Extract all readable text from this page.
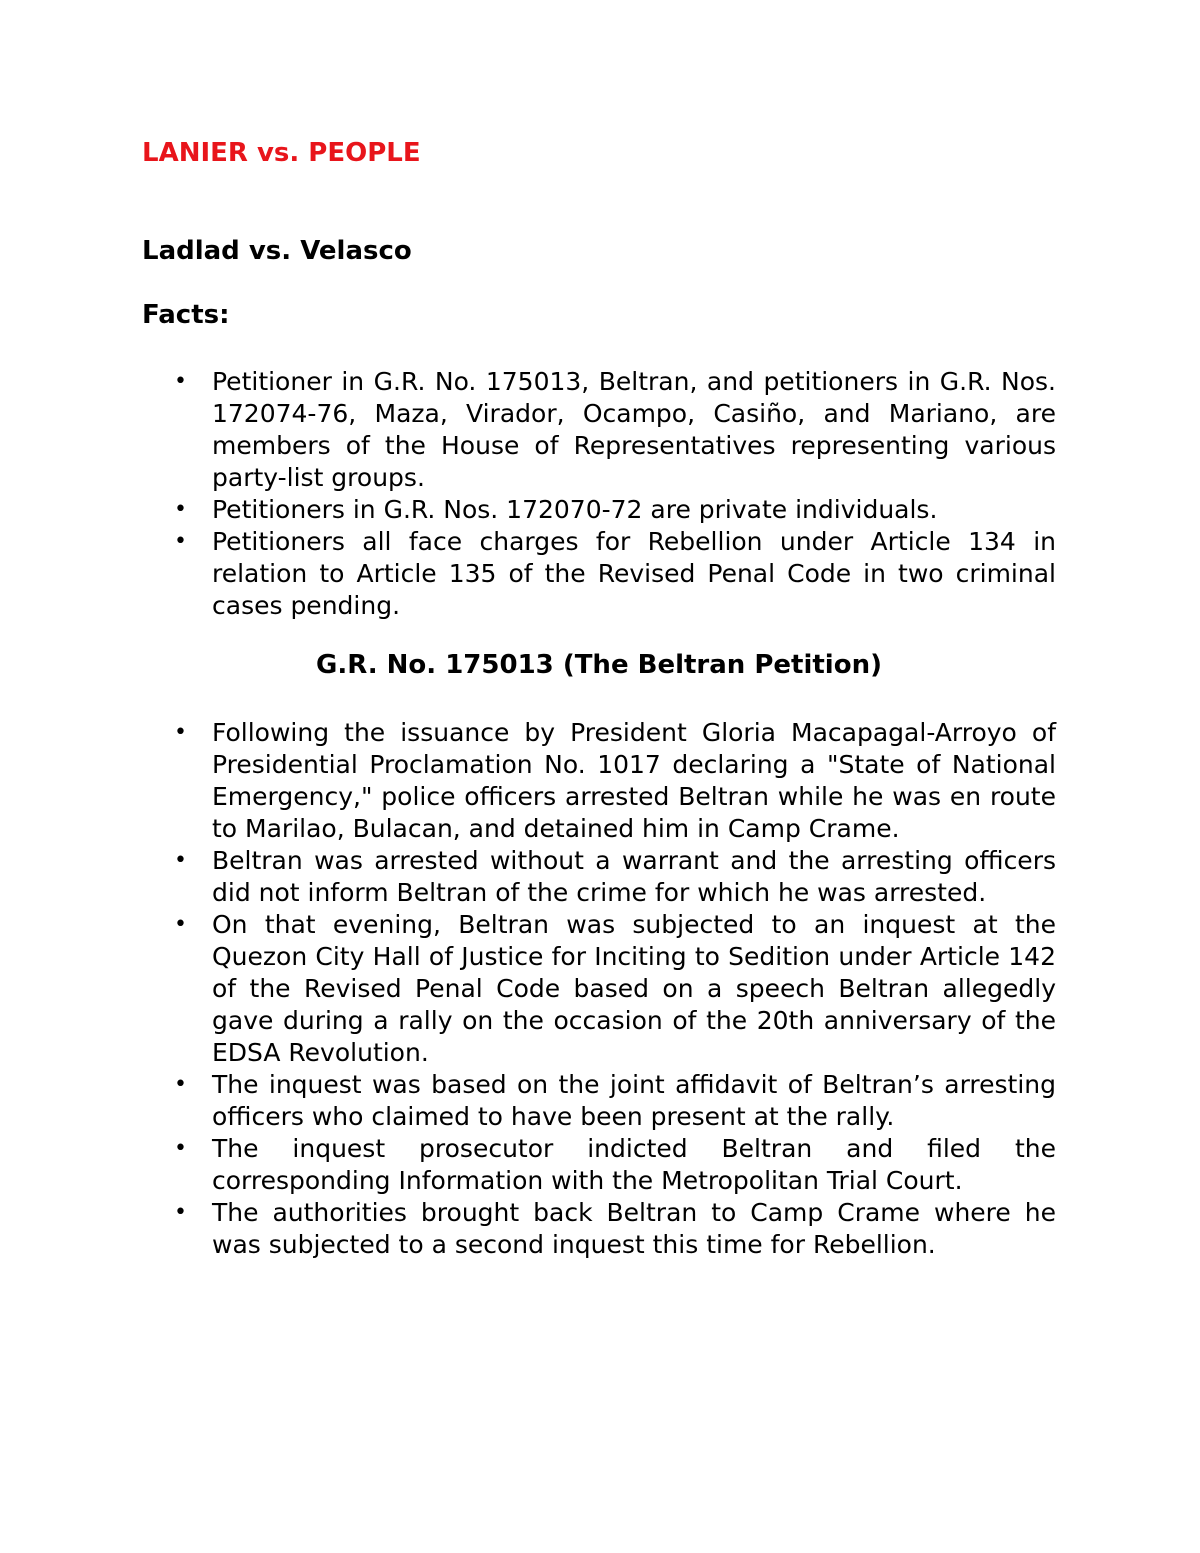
LANIER vs. PEOPLE
Ladlad vs. Velasco
Facts:
• Petitioner in G.R. No. 175013, Beltran, and petitioners in G.R. Nos. 172074-76, Maza, Virador, Ocampo, Casiño, and Mariano, are members of the House of Representatives representing various party-list groups.
• Petitioners in G.R. Nos. 172070-72 are private individuals.
• Petitioners all face charges for Rebellion under Article 134 in relation to Article 135 of the Revised Penal Code in two criminal cases pending.
G.R. No. 175013 (The Beltran Petition)
• Following the issuance by President Gloria Macapagal-Arroyo of Presidential Proclamation No. 1017 declaring a "State of National Emergency," police officers arrested Beltran while he was en route to Marilao, Bulacan, and detained him in Camp Crame.
• Beltran was arrested without a warrant and the arresting officers did not inform Beltran of the crime for which he was arrested.
• On that evening, Beltran was subjected to an inquest at the Quezon City Hall of Justice for Inciting to Sedition under Article 142 of the Revised Penal Code based on a speech Beltran allegedly gave during a rally on the occasion of the 20th anniversary of the EDSA Revolution.
• The inquest was based on the joint affidavit of Beltran’s arresting officers who claimed to have been present at the rally.
• The inquest prosecutor indicted Beltran and filed the corresponding Information with the Metropolitan Trial Court.
• The authorities brought back Beltran to Camp Crame where he was subjected to a second inquest this time for Rebellion.
